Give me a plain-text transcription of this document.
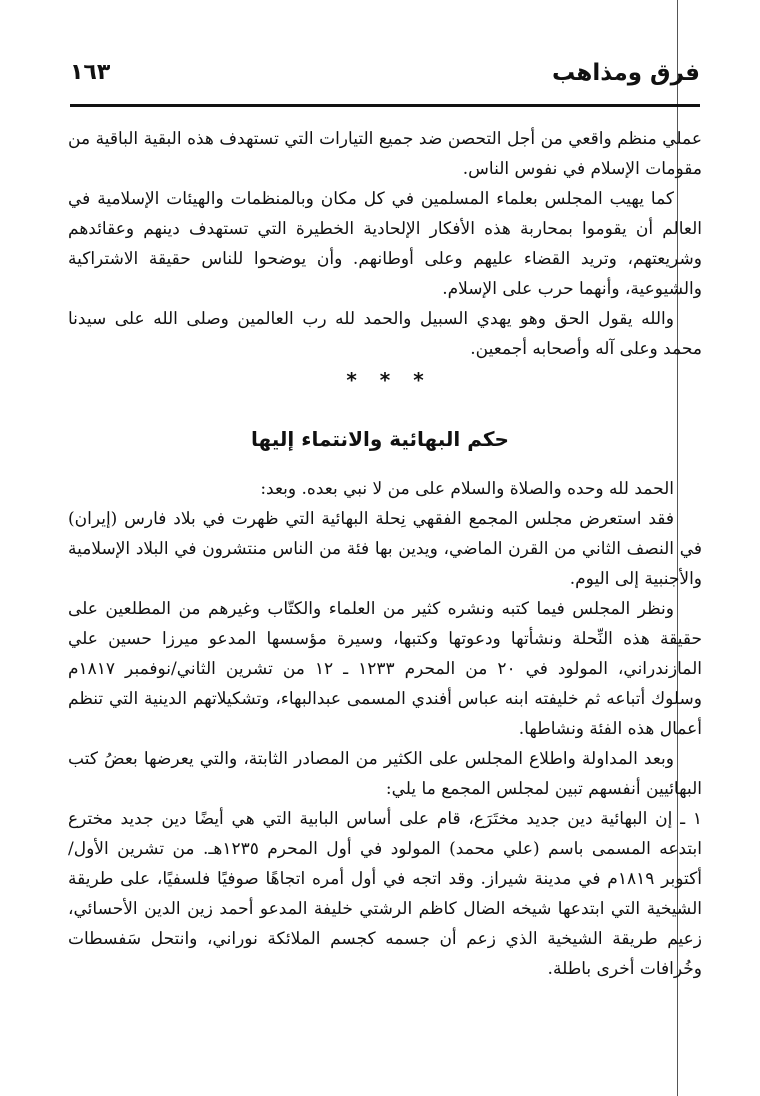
فرق ومذاهب
١٦٣

عملي منظم واقعي من أجل التحصن ضد جميع التيارات التي تستهدف هذه البقية الباقية من مقومات الإسلام في نفوس الناس.

كما يهيب المجلس بعلماء المسلمين في كل مكان وبالمنظمات والهيئات الإسلامية في العالم أن يقوموا بمحاربة هذه الأفكار الإلحادية الخطيرة التي تستهدف دينهم وعقائدهم وشريعتهم، وتريد القضاء عليهم وعلى أوطانهم. وأن يوضحوا للناس حقيقة الاشتراكية والشيوعية، وأنهما حرب على الإسلام.

والله يقول الحق وهو يهدي السبيل والحمد لله رب العالمين وصلى الله على سيدنا محمد وعلى آله وأصحابه أجمعين.

* * *
حكم البهائية والانتماء إليها

الحمد لله وحده والصلاة والسلام على من لا نبي بعده. وبعد:

فقد استعرض مجلس المجمع الفقهي نِحلة البهائية التي ظهرت في بلاد فارس (إيران) في النصف الثاني من القرن الماضي، ويدين بها فئة من الناس منتشرون في البلاد الإسلامية والأجنبية إلى اليوم.

ونظر المجلس فيما كتبه ونشره كثير من العلماء والكتّاب وغيرهم من المطلعين على حقيقة هذه النِّحلة ونشأتها ودعوتها وكتبها، وسيرة مؤسسها المدعو ميرزا حسين علي المازندراني، المولود في ٢٠ من المحرم ١٢٣٣ ـ ١٢ من تشرين الثاني/نوفمبر ١٨١٧م وسلوك أتباعه ثم خليفته ابنه عباس أفندي المسمى عبدالبهاء، وتشكيلاتهم الدينية التي تنظم أعمال هذه الفئة ونشاطها.

وبعد المداولة واطلاع المجلس على الكثير من المصادر الثابتة، والتي يعرضها بعضُ كتب البهائيين أنفسهم تبين لمجلس المجمع ما يلي:

١ ـ إن البهائية دين جديد مختَرَع، قام على أساس البابية التي هي أيضًا دين جديد مخترع ابتدعه المسمى باسم (علي محمد) المولود في أول المحرم ١٢٣٥هـ. من تشرين الأول/أكتوبر ١٨١٩م في مدينة شيراز. وقد اتجه في أول أمره اتجاهًا صوفيًا فلسفيًا، على طريقة الشيخية التي ابتدعها شيخه الضال كاظم الرشتي خليفة المدعو أحمد زين الدين الأحسائي، زعيم طريقة الشيخية الذي زعم أن جسمه كجسم الملائكة نوراني، وانتحل سَفسطات وخُرافات أخرى باطلة.
